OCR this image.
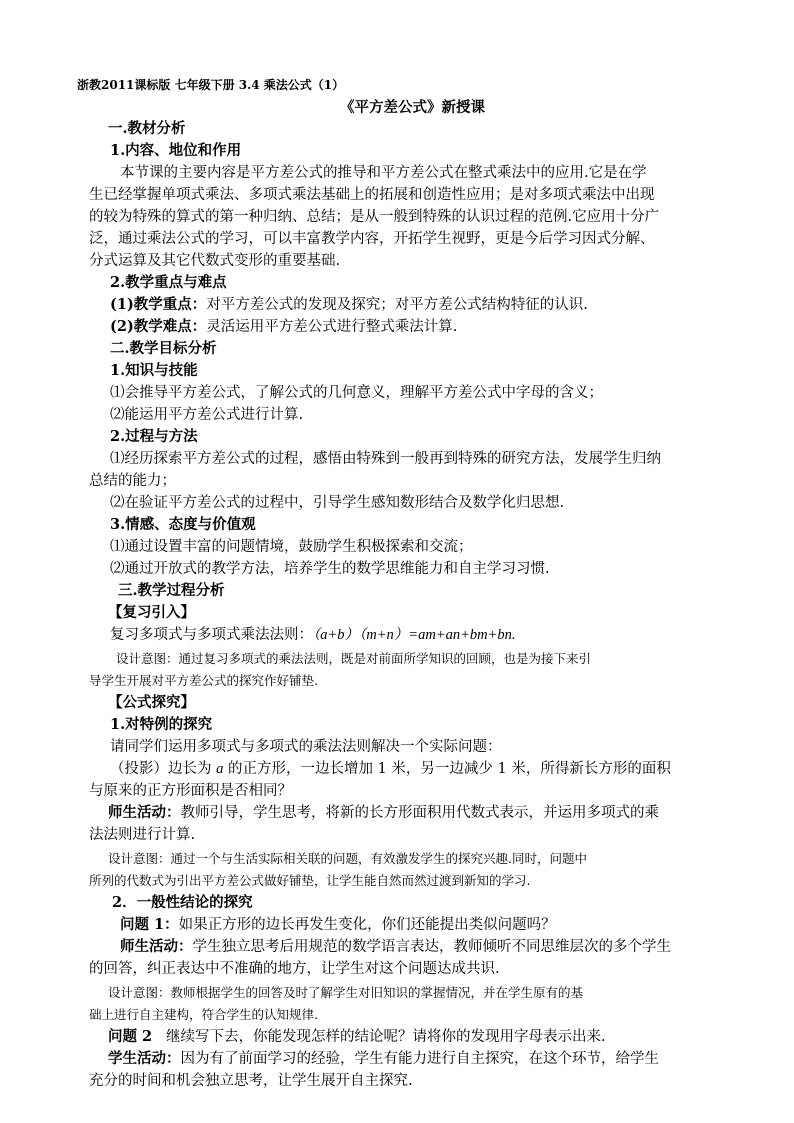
浙教2011课标版 七年级下册 3.4 乘法公式（1）
《平方差公式》新授课
一.教材分析
1.内容、地位和作用
本节课的主要内容是平方差公式的推导和平方差公式在整式乘法中的应用.它是在学
生已经掌握单项式乘法、多项式乘法基础上的拓展和创造性应用；是对多项式乘法中出现
的较为特殊的算式的第一种归纳、总结；是从一般到特殊的认识过程的范例.它应用十分广
泛，通过乘法公式的学习，可以丰富教学内容，开拓学生视野，更是今后学习因式分解、
分式运算及其它代数式变形的重要基础.
2.教学重点与难点
(1)教学重点：对平方差公式的发现及探究；对平方差公式结构特征的认识.
(2)教学难点：灵活运用平方差公式进行整式乘法计算.
二.教学目标分析
1.知识与技能
⑴会推导平方差公式，了解公式的几何意义，理解平方差公式中字母的含义；
⑵能运用平方差公式进行计算.
2.过程与方法
⑴经历探索平方差公式的过程，感悟由特殊到一般再到特殊的研究方法，发展学生归纳
总结的能力；
⑵在验证平方差公式的过程中，引导学生感知数形结合及数学化归思想.
3.情感、态度与价值观
⑴通过设置丰富的问题情境，鼓励学生积极探索和交流；
⑵通过开放式的教学方法，培养学生的数学思维能力和自主学习习惯.
三.教学过程分析
【复习引入】
复习多项式与多项式乘法法则：（a+b）（m+n）=am+an+bm+bn.
设计意图：通过复习多项式的乘法法则，既是对前面所学知识的回顾，也是为接下来引
导学生开展对平方差公式的探究作好铺垫.
【公式探究】
1.对特例的探究
请同学们运用多项式与多项式的乘法法则解决一个实际问题：
（投影）边长为 a 的正方形，一边长增加 1 米，另一边减少 1 米，所得新长方形的面积
与原来的正方形面积是否相同？
师生活动：教师引导，学生思考，将新的长方形面积用代数式表示，并运用多项式的乘
法法则进行计算.
设计意图：通过一个与生活实际相关联的问题，有效激发学生的探究兴趣.同时，问题中
所列的代数式为引出平方差公式做好铺垫，让学生能自然而然过渡到新知的学习.
2．一般性结论的探究
问题 1：如果正方形的边长再发生变化，你们还能提出类似问题吗？
师生活动：学生独立思考后用规范的数学语言表达，教师倾听不同思维层次的多个学生
的回答，纠正表达中不准确的地方，让学生对这个问题达成共识.
设计意图：教师根据学生的回答及时了解学生对旧知识的掌握情况，并在学生原有的基
础上进行自主建构，符合学生的认知规律.
问题 2 继续写下去，你能发现怎样的结论呢？请将你的发现用字母表示出来.
学生活动：因为有了前面学习的经验，学生有能力进行自主探究，在这个环节，给学生
充分的时间和机会独立思考，让学生展开自主探究.
